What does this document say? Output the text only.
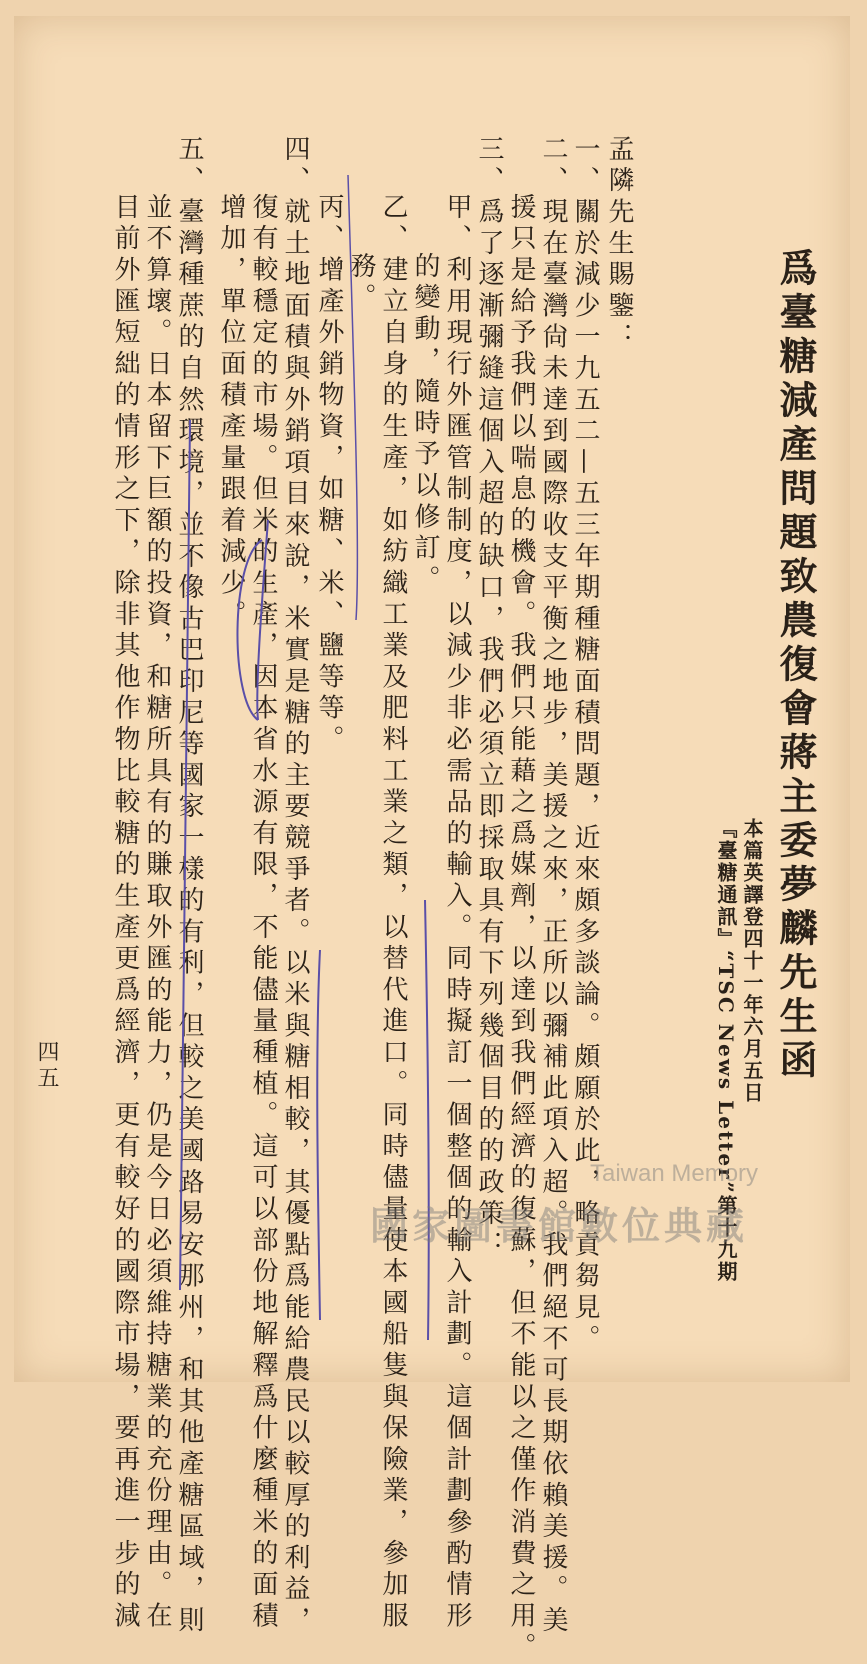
爲臺糖減產問題致農復會蔣主委夢麟先生函
本篇英譯登四十一年六月五日
『臺糖通訊』“TSC News Letter”第十九期
孟隣先生賜鑒：
一、關於減少一九五二—五三年期種糖面積問題，近來頗多談論。頗願於此，略貢芻見。
二、現在臺灣尙未達到國際收支平衡之地步，美援之來，正所以彌補此項入超。我們絕不可長期依賴美援。美
援只是給予我們以喘息的機會。我們只能藉之爲媒劑，以達到我們經濟的復蘇，但不能以之僅作消費之用。
三、爲了逐漸彌縫這個入超的缺口，我們必須立即採取具有下列幾個目的的政策：
甲、利用現行外匯管制制度，以減少非必需品的輸入。同時擬訂一個整個的輸入計劃。這個計劃參酌情形
的變動，隨時予以修訂。
乙、建立自身的生產，如紡織工業及肥料工業之類，以替代進口。同時儘量使本國船隻與保險業，參加服
務。
丙、增產外銷物資，如糖、米、鹽等等。
四、就土地面積與外銷項目來說，米實是糖的主要競爭者。以米與糖相較，其優點爲能給農民以較厚的利益，
復有較穩定的市場。但米的生產，因本省水源有限，不能儘量種植。這可以部份地解釋爲什麼種米的面積
增加，單位面積產量跟着減少。
五、臺灣種蔗的自然環境，並不像古巴印尼等國家一樣的有利，但較之美國路易安那州，和其他產糖區域，則
並不算壞。日本留下巨額的投資，和糖所具有的賺取外匯的能力，仍是今日必須維持糖業的充份理由。在
目前外匯短絀的情形之下，除非其他作物比較糖的生產更爲經濟，更有較好的國際市場，要再進一步的減
四五
Taiwan Memory
國家圖書館數位典藏
